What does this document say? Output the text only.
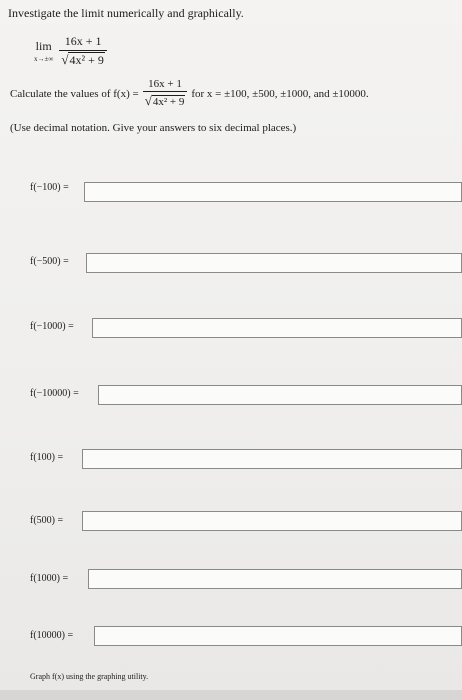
Investigate the limit numerically and graphically.
lim
$x\to\pm\infty \frac{16x + 1}{\text{√4x² + 9}}$
Calculate the values of $f(x) = \frac{16x + 1}{\text{√4x² + 9}}$ for x = ±100, ±500, ±1000, and ±10000.
(Use decimal notation. Give your answers to six decimal places.)
f(−100) =
f(−500) =
f(−1000) =
f(−10000) =
f(100) =
f(500) =
f(1000) =
f(10000) =
Graph f(x) using the graphing utility.
